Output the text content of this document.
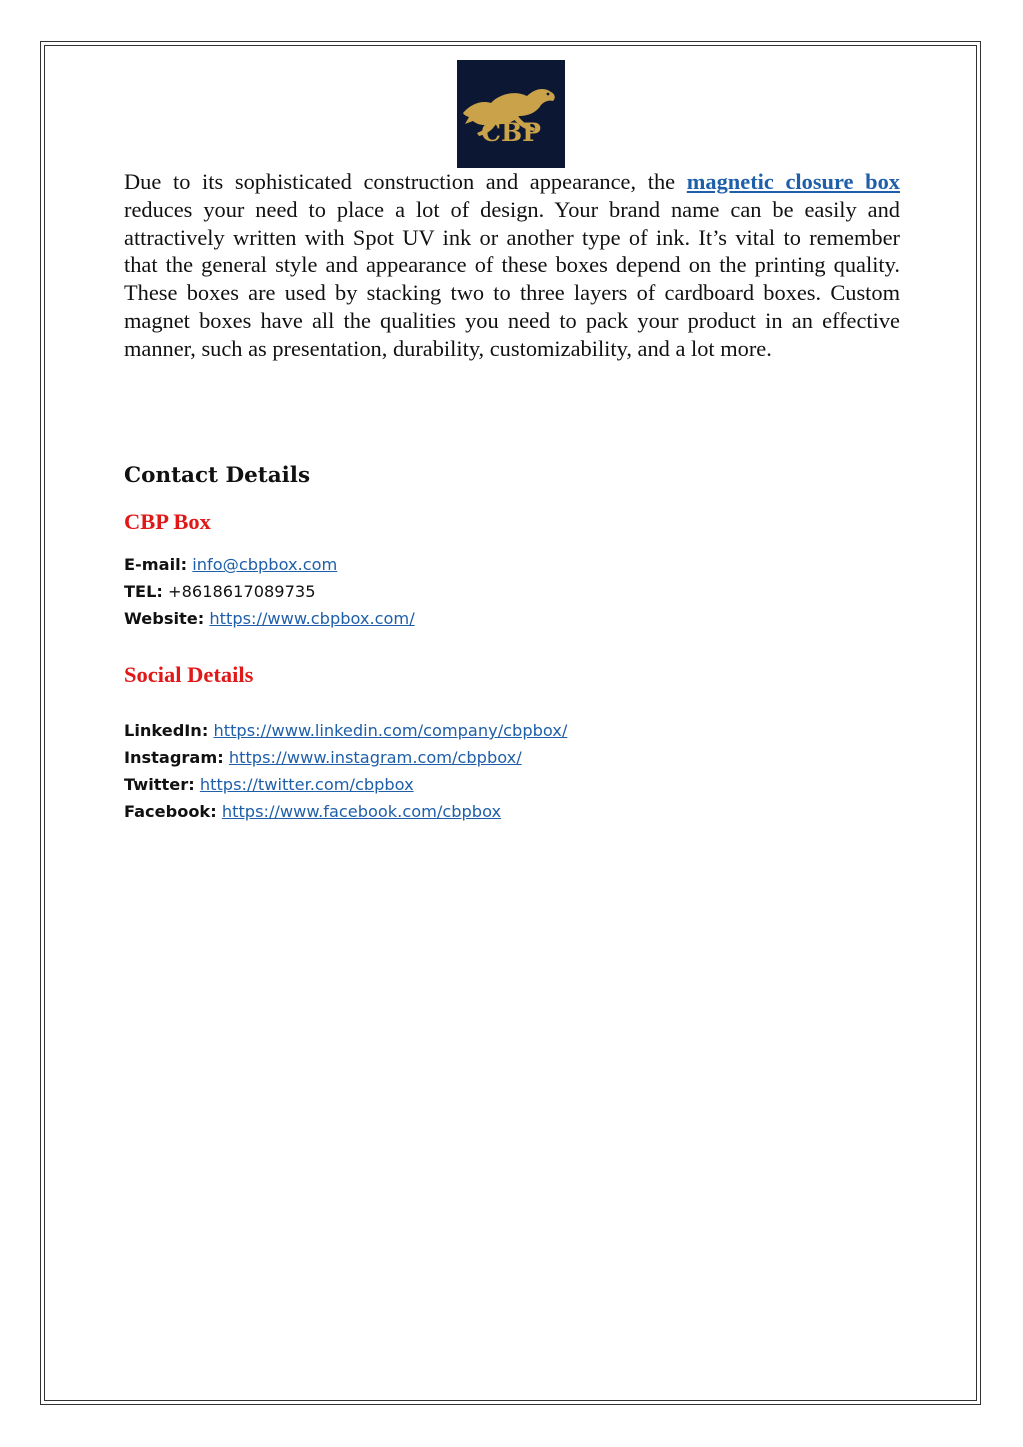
CBP

Due to its sophisticated construction and appearance, the magnetic closure box reduces your need to place a lot of design. Your brand name can be easily and attractively written with Spot UV ink or another type of ink. It’s vital to remember that the general style and appearance of these boxes depend on the printing quality. These boxes are used by stacking two to three layers of cardboard boxes. Custom magnet boxes have all the qualities you need to pack your product in an effective manner, such as presentation, durability, customizability, and a lot more.

Contact Details
CBP Box

E-mail: info@cbpbox.com

TEL: +8618617089735

Website: https://www.cbpbox.com/

Social Details

LinkedIn: https://www.linkedin.com/company/cbpbox/

Instagram: https://www.instagram.com/cbpbox/

Twitter: https://twitter.com/cbpbox

Facebook: https://www.facebook.com/cbpbox
